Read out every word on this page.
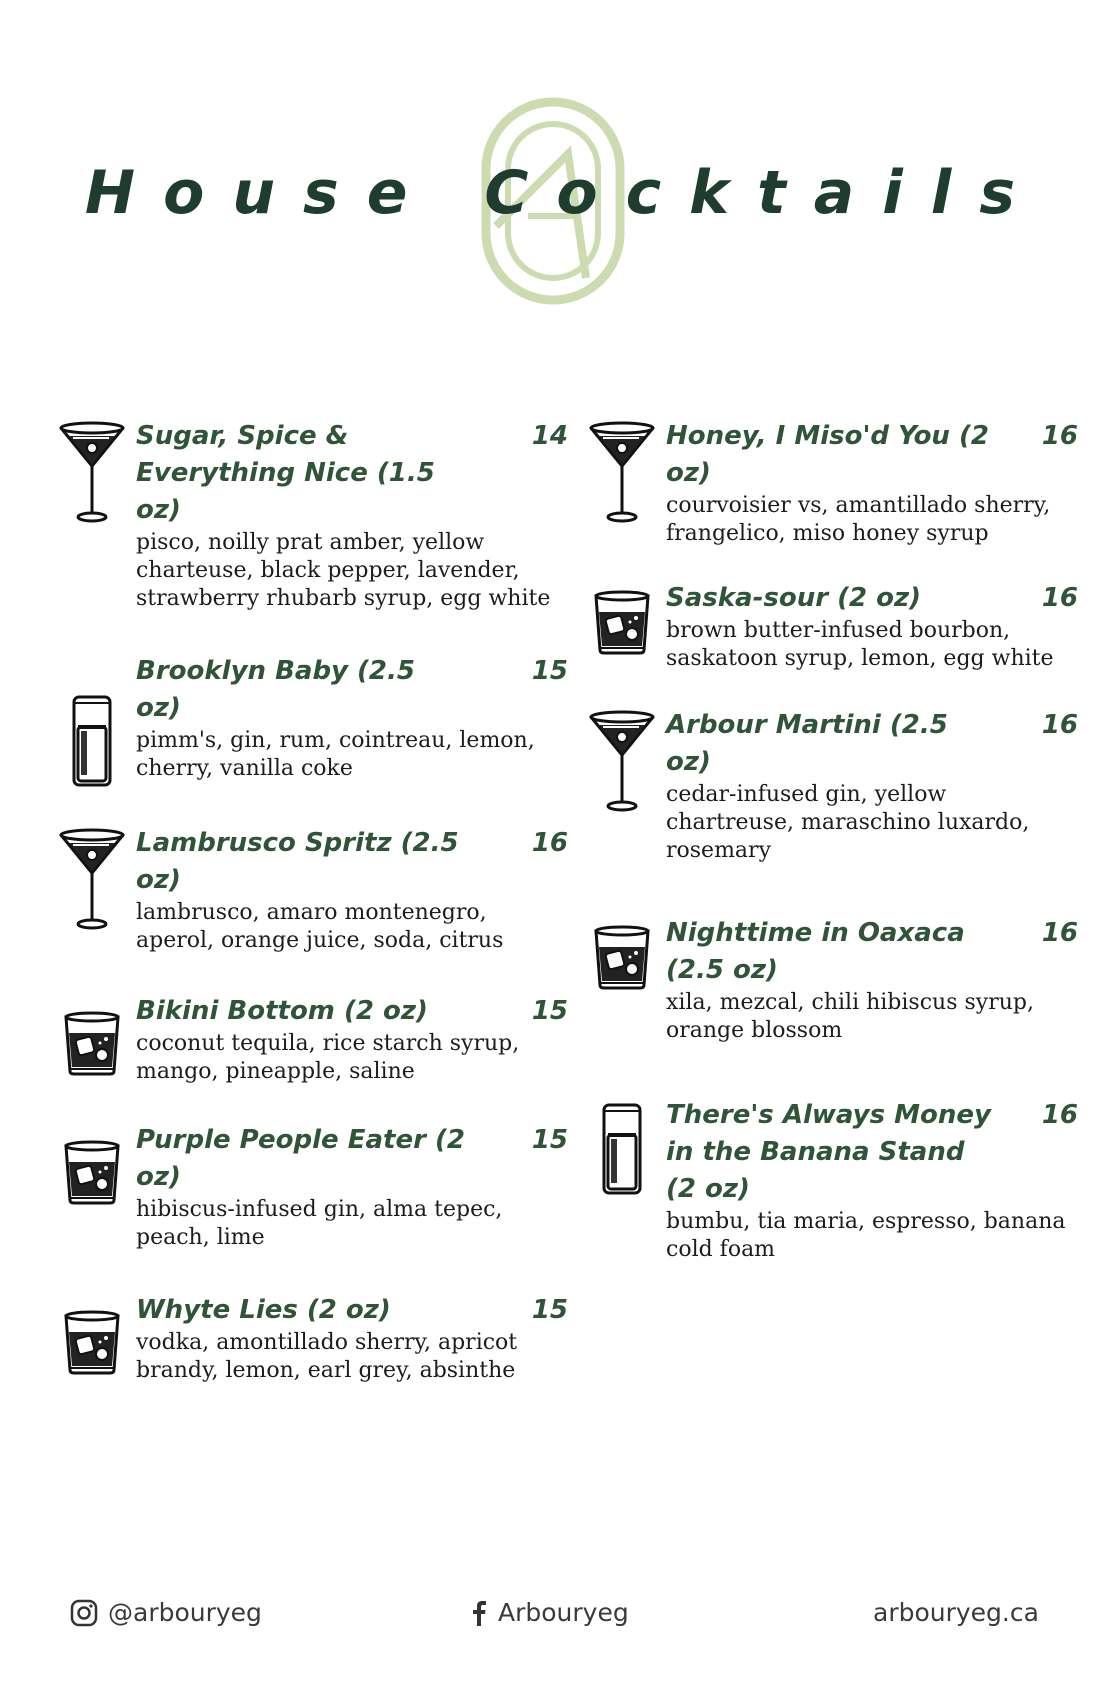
House Cocktails
Sugar, Spice & Everything Nice (1.5 oz)
14
pisco, noilly prat amber, yellow charteuse, black pepper, lavender, strawberry rhubarb syrup, egg white
Brooklyn Baby (2.5 oz)
15
pimm's, gin, rum, cointreau, lemon, cherry, vanilla coke
Lambrusco Spritz (2.5 oz)
16
lambrusco, amaro montenegro, aperol, orange juice, soda, citrus
Bikini Bottom (2 oz)	15
coconut tequila, rice starch syrup, mango, pineapple, saline
Purple People Eater (2 oz)
15
hibiscus-infused gin, alma tepec, peach, lime
Whyte Lies (2 oz)	15
vodka, amontillado sherry, apricot brandy, lemon, earl grey, absinthe
Honey, I Miso'd You (2 oz)
16
courvoisier vs, amantillado sherry, frangelico, miso honey syrup
Saska-sour (2 oz)	16
brown butter-infused bourbon, saskatoon syrup, lemon, egg white
Arbour Martini (2.5 oz)
16
cedar-infused gin, yellow chartreuse, maraschino luxardo, rosemary
Nighttime in Oaxaca (2.5 oz)
16
xila, mezcal, chili hibiscus syrup, orange blossom
There's Always Money in the Banana Stand (2 oz)
16
bumbu, tia maria, espresso, banana cold foam
@arbouryeg	Arbouryeg	arbouryeg.ca
